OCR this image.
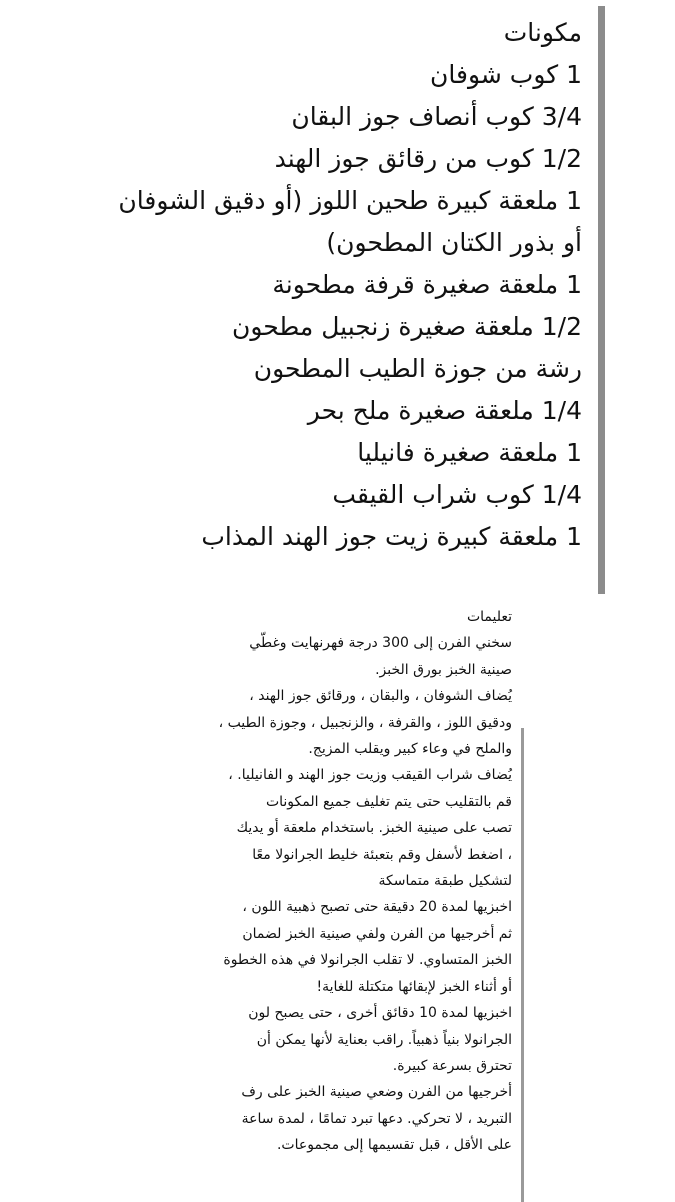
مكونات
1 كوب شوفان
3/4 كوب أنصاف جوز البقان
1/2 كوب من رقائق جوز الهند
1 ملعقة كبيرة طحين اللوز (أو دقيق الشوفان أو بذور الكتان المطحون)
1 ملعقة صغيرة قرفة مطحونة
1/2 ملعقة صغيرة زنجبيل مطحون
رشة من جوزة الطيب المطحون
1/4 ملعقة صغيرة ملح بحر
1 ملعقة صغيرة فانيليا
1/4 كوب شراب القيقب
1 ملعقة كبيرة زيت جوز الهند المذاب
تعليمات
سخني الفرن إلى 300 درجة فهرنهايت وغطّي
صينية الخبز بورق الخبز.
يُضاف الشوفان ، والبقان ، ورقائق جوز الهند ،
ودقيق اللوز ، والقرفة ، والزنجبيل ، وجوزة الطيب ،
والملح في وعاء كبير ويقلب المزيج.
يُضاف شراب القيقب وزيت جوز الهند و الفانيليا. ،
قم بالتقليب حتى يتم تغليف جميع المكونات
تصب على صينية الخبز. باستخدام ملعقة أو يديك
، اضغط لأسفل وقم بتعبئة خليط الجرانولا معًا
لتشكيل طبقة متماسكة
اخبزيها لمدة 20 دقيقة حتى تصبح ذهبية اللون ،
ثم أخرجيها من الفرن ولفي صينية الخبز لضمان
الخبز المتساوي. لا تقلب الجرانولا في هذه الخطوة
أو أثناء الخبز لإبقائها متكتلة للغاية!
اخبزيها لمدة 10 دقائق أخرى ، حتى يصبح لون
الجرانولا بنياً ذهبياً. راقب بعناية لأنها يمكن أن
تحترق بسرعة كبيرة.
أخرجيها من الفرن وضعي صينية الخبز على رف
التبريد ، لا تحركي. دعها تبرد تمامًا ، لمدة ساعة
على الأقل ، قبل تقسيمها إلى مجموعات.
